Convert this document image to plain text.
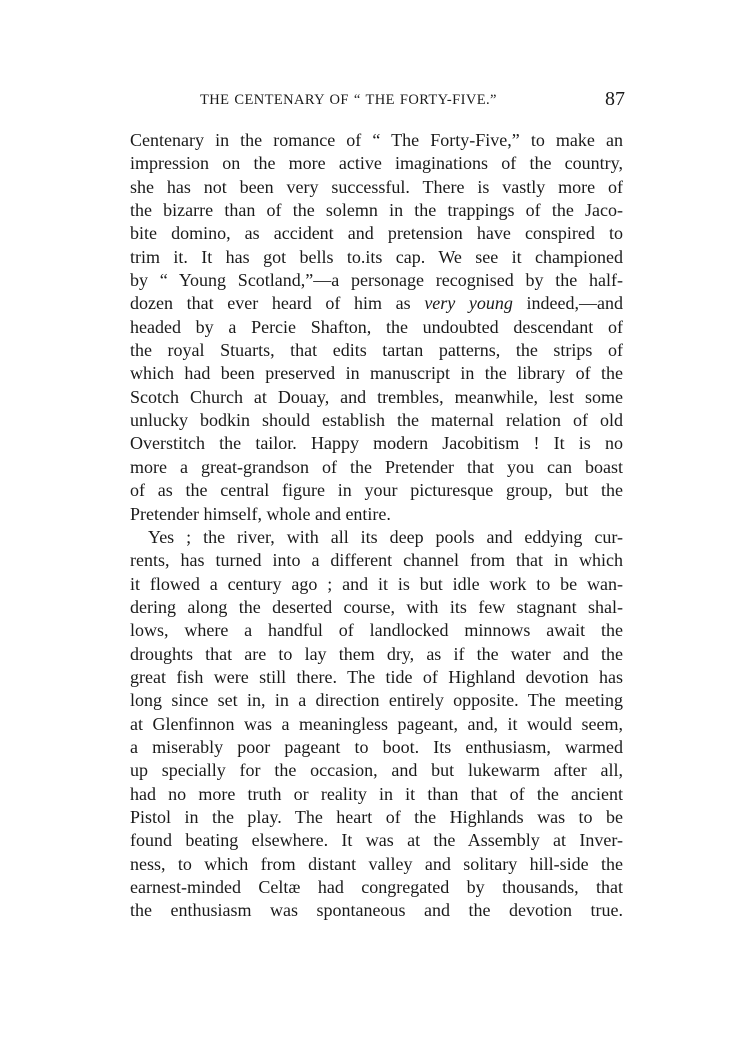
THE CENTENARY OF “ THE FORTY-FIVE.”	87
Centenary in the romance of “ The Forty-Five,” to make an
impression on the more active imaginations of the country,
she has not been very successful. There is vastly more of
the bizarre than of the solemn in the trappings of the Jaco-
bite domino, as accident and pretension have conspired to
trim it. It has got bells to.its cap. We see it championed
by “ Young Scotland,”—a personage recognised by the half-
dozen that ever heard of him as very young indeed,—and
headed by a Percie Shafton, the undoubted descendant of
the royal Stuarts, that edits tartan patterns, the strips of
which had been preserved in manuscript in the library of the
Scotch Church at Douay, and trembles, meanwhile, lest some
unlucky bodkin should establish the maternal relation of old
Overstitch the tailor. Happy modern Jacobitism ! It is no
more a great-grandson of the Pretender that you can boast
of as the central figure in your picturesque group, but the
Pretender himself, whole and entire.
Yes ; the river, with all its deep pools and eddying cur-
rents, has turned into a different channel from that in which
it flowed a century ago ; and it is but idle work to be wan-
dering along the deserted course, with its few stagnant shal-
lows, where a handful of landlocked minnows await the
droughts that are to lay them dry, as if the water and the
great fish were still there. The tide of Highland devotion has
long since set in, in a direction entirely opposite. The meeting
at Glenfinnon was a meaningless pageant, and, it would seem,
a miserably poor pageant to boot. Its enthusiasm, warmed
up specially for the occasion, and but lukewarm after all,
had no more truth or reality in it than that of the ancient
Pistol in the play. The heart of the Highlands was to be
found beating elsewhere. It was at the Assembly at Inver-
ness, to which from distant valley and solitary hill-side the
earnest-minded Celtæ had congregated by thousands, that
the enthusiasm was spontaneous and the devotion true.
